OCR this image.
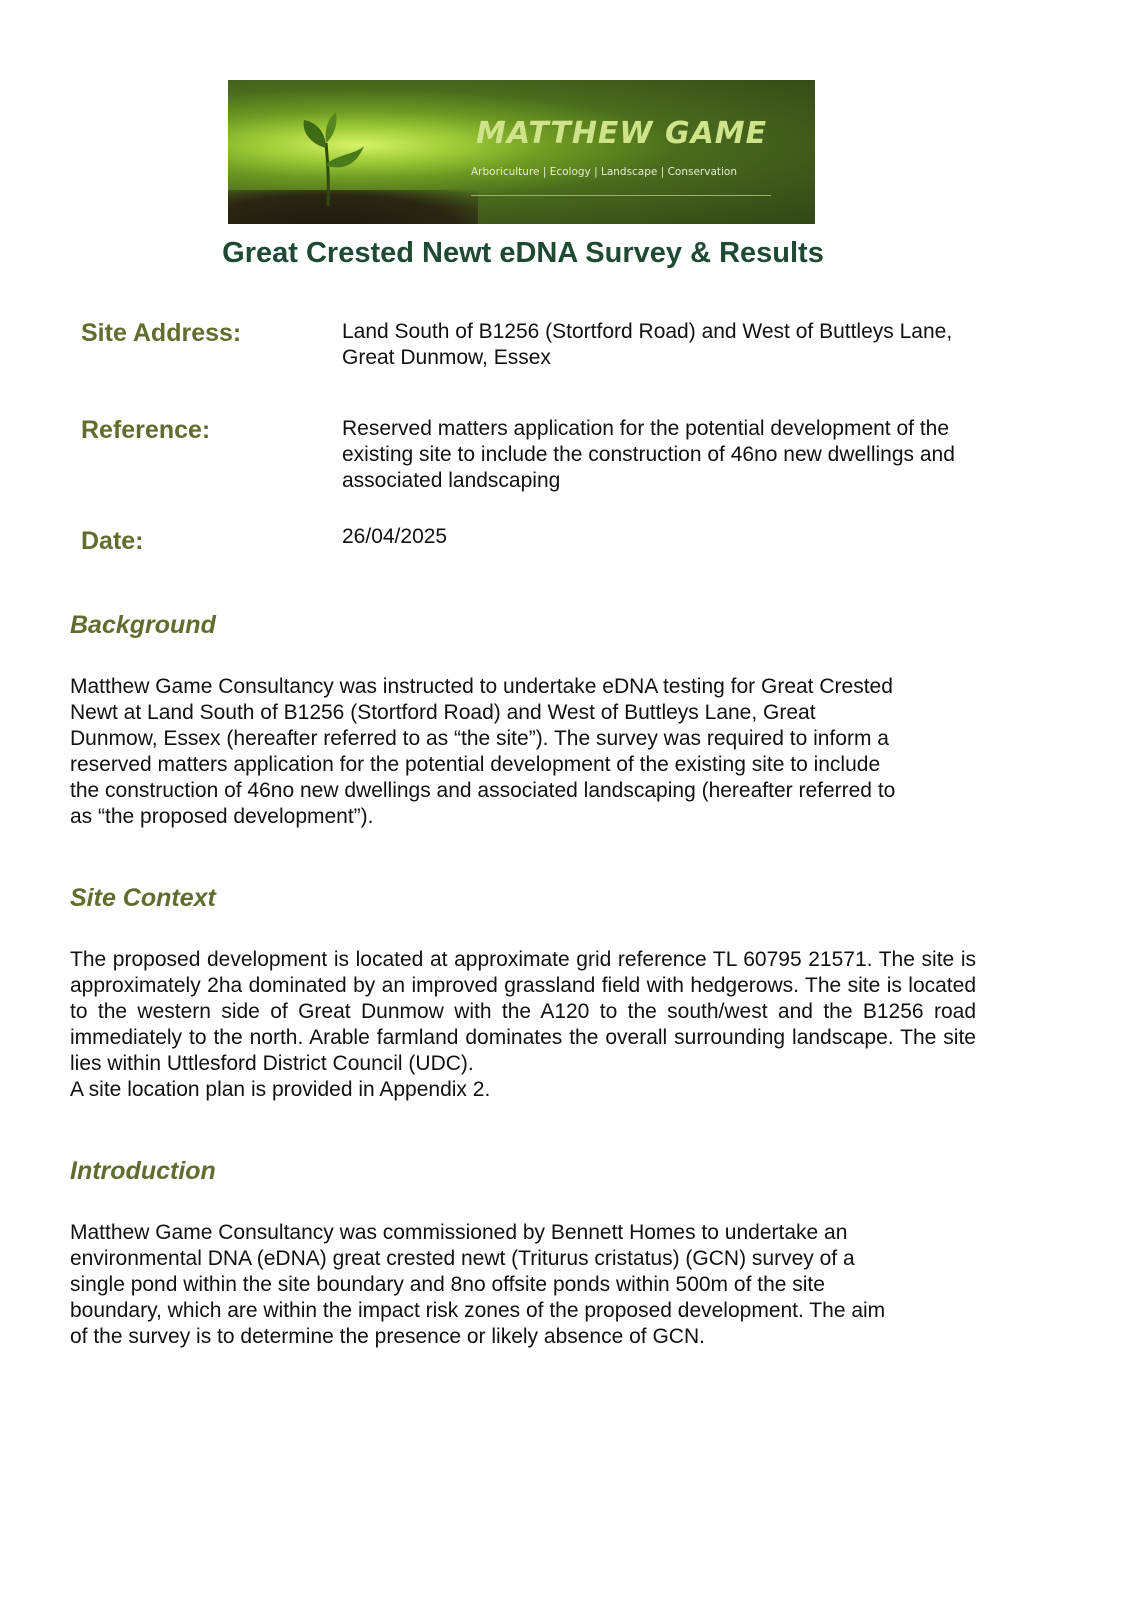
MATTHEW GAME
Arboriculture | Ecology | Landscape | Conservation
Great Crested Newt eDNA Survey & Results
Site Address:	Land South of B1256 (Stortford Road) and West of Buttleys Lane,
Great Dunmow, Essex
Reference:	Reserved matters application for the potential development of the
existing site to include the construction of 46no new dwellings and
associated landscaping
Date:	26/04/2025
Background
Matthew Game Consultancy was instructed to undertake eDNA testing for Great Crested
Newt at Land South of B1256 (Stortford Road) and West of Buttleys Lane, Great
Dunmow, Essex (hereafter referred to as “the site”). The survey was required to inform a
reserved matters application for the potential development of the existing site to include
the construction of 46no new dwellings and associated landscaping (hereafter referred to
as “the proposed development”).
Site Context
The proposed development is located at approximate grid reference TL 60795 21571. The site is approximately 2ha dominated by an improved grassland field with hedgerows. The site is located to the western side of Great Dunmow with the A120 to the south/west and the B1256 road immediately to the north. Arable farmland dominates the overall surrounding landscape. The site lies within Uttlesford District Council (UDC).
A site location plan is provided in Appendix 2.
Introduction
Matthew Game Consultancy was commissioned by Bennett Homes to undertake an
environmental DNA (eDNA) great crested newt (Triturus cristatus) (GCN) survey of a
single pond within the site boundary and 8no offsite ponds within 500m of the site
boundary, which are within the impact risk zones of the proposed development. The aim
of the survey is to determine the presence or likely absence of GCN.
